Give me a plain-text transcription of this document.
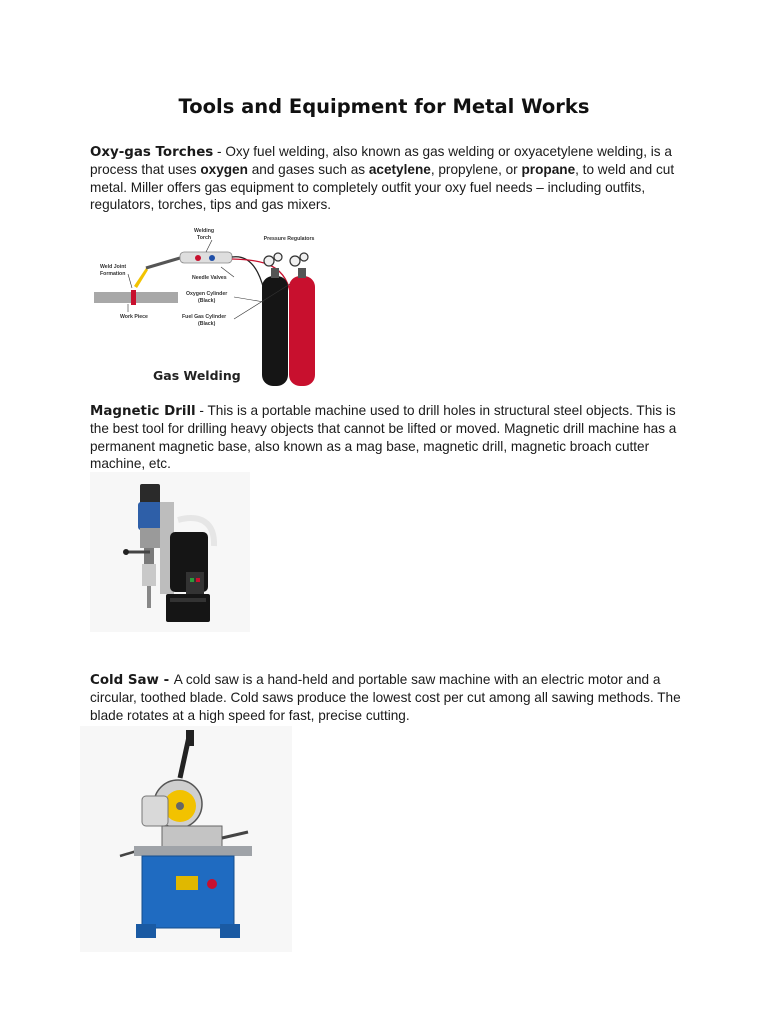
Tools and Equipment for Metal Works
Oxy-gas Torches - Oxy fuel welding, also known as gas welding or oxyacetylene welding, is a process that uses oxygen and gases such as acetylene, propylene, or propane, to weld and cut metal. Miller offers gas equipment to completely outfit your oxy fuel needs – including outfits, regulators, torches, tips and gas mixers.
Welding
Torch	Pressure Regulators
Weld Joint
Formation
Needle Valves
Oxygen Cylinder
(Black)
Fuel Gas Cylinder
(Black)
Work Piece
Gas Welding
Magnetic Drill - This is a portable machine used to drill holes in structural steel objects. This is the best tool for drilling heavy objects that cannot be lifted or moved. Magnetic drill machine has a permanent magnetic base, also known as a mag base, magnetic drill, magnetic broach cutter machine, etc.
Cold Saw - A cold saw is a hand-held and portable saw machine with an electric motor and a circular, toothed blade. Cold saws produce the lowest cost per cut among all sawing methods. The blade rotates at a high speed for fast, precise cutting.
